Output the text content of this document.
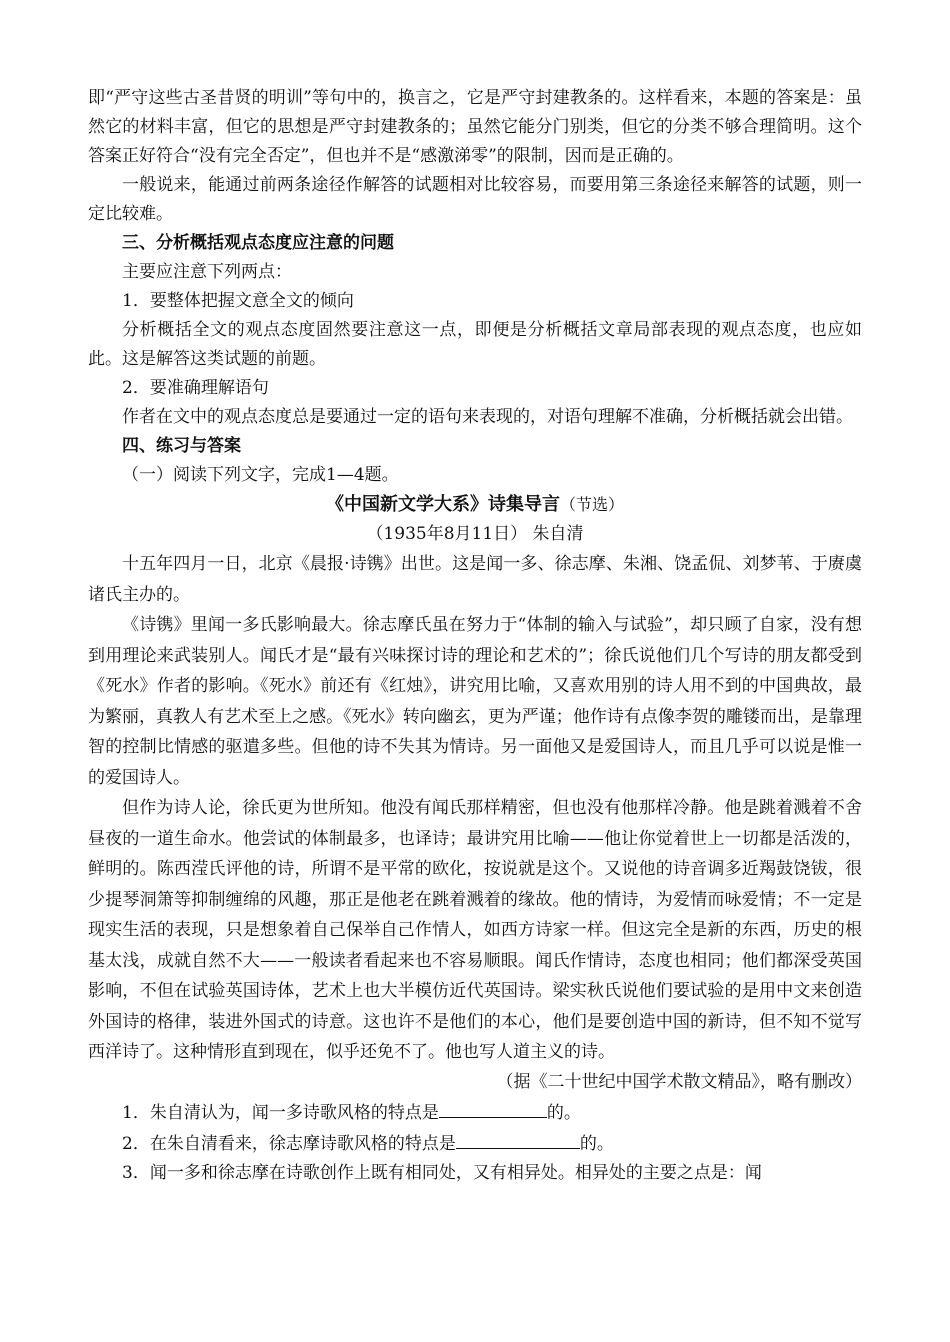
即“严守这些古圣昔贤的明训”等句中的，换言之，它是严守封建教条的。这样看来，本题的答案是：虽然它的材料丰富，但它的思想是严守封建教条的；虽然它能分门别类，但它的分类不够合理简明。这个答案正好符合“没有完全否定”，但也并不是“感激涕零”的限制，因而是正确的。

一般说来，能通过前两条途径作解答的试题相对比较容易，而要用第三条途径来解答的试题，则一定比较难。

三、分析概括观点态度应注意的问题

主要应注意下列两点：

1．要整体把握文意全文的倾向

分析概括全文的观点态度固然要注意这一点，即便是分析概括文章局部表现的观点态度，也应如此。这是解答这类试题的前题。

2．要准确理解语句

作者在文中的观点态度总是要通过一定的语句来表现的，对语句理解不准确，分析概括就会出错。

四、练习与答案

（一）阅读下列文字，完成1—4题。

《中国新文学大系》诗集导言（节选）

（1935年8月11日） 朱自清

十五年四月一日，北京《晨报·诗镌》出世。这是闻一多、徐志摩、朱湘、饶孟侃、刘梦苇、于赓虞诸氏主办的。

《诗镌》里闻一多氏影响最大。徐志摩氏虽在努力于“体制的输入与试验”，却只顾了自家，没有想到用理论来武装别人。闻氏才是“最有兴味探讨诗的理论和艺术的”；徐氏说他们几个写诗的朋友都受到《死水》作者的影响。《死水》前还有《红烛》，讲究用比喻，又喜欢用别的诗人用不到的中国典故，最为繁丽，真教人有艺术至上之感。《死水》转向幽玄，更为严谨；他作诗有点像李贺的雕镂而出，是靠理智的控制比情感的驱遣多些。但他的诗不失其为情诗。另一面他又是爱国诗人，而且几乎可以说是惟一的爱国诗人。

但作为诗人论，徐氏更为世所知。他没有闻氏那样精密，但也没有他那样冷静。他是跳着溅着不舍昼夜的一道生命水。他尝试的体制最多，也译诗；最讲究用比喻——他让你觉着世上一切都是活泼的，鲜明的。陈西滢氏评他的诗，所谓不是平常的欧化，按说就是这个。又说他的诗音调多近羯鼓饶钹，很少提琴洞箫等抑制缠绵的风趣，那正是他老在跳着溅着的缘故。他的情诗，为爱情而咏爱情；不一定是现实生活的表现，只是想象着自己保举自己作情人，如西方诗家一样。但这完全是新的东西，历史的根基太浅，成就自然不大——一般读者看起来也不容易顺眼。闻氏作情诗，态度也相同；他们都深受英国影响，不但在试验英国诗体，艺术上也大半模仿近代英国诗。梁实秋氏说他们要试验的是用中文来创造外国诗的格律，装进外国式的诗意。这也许不是他们的本心，他们是要创造中国的新诗，但不知不觉写西洋诗了。这种情形直到现在，似乎还免不了。他也写人道主义的诗。

（据《二十世纪中国学术散文精品》，略有删改）

1．朱自清认为，闻一多诗歌风格的特点是	的。

2．在朱自清看来，徐志摩诗歌风格的特点是	的。

3．闻一多和徐志摩在诗歌创作上既有相同处，又有相异处。相异处的主要之点是：闻
